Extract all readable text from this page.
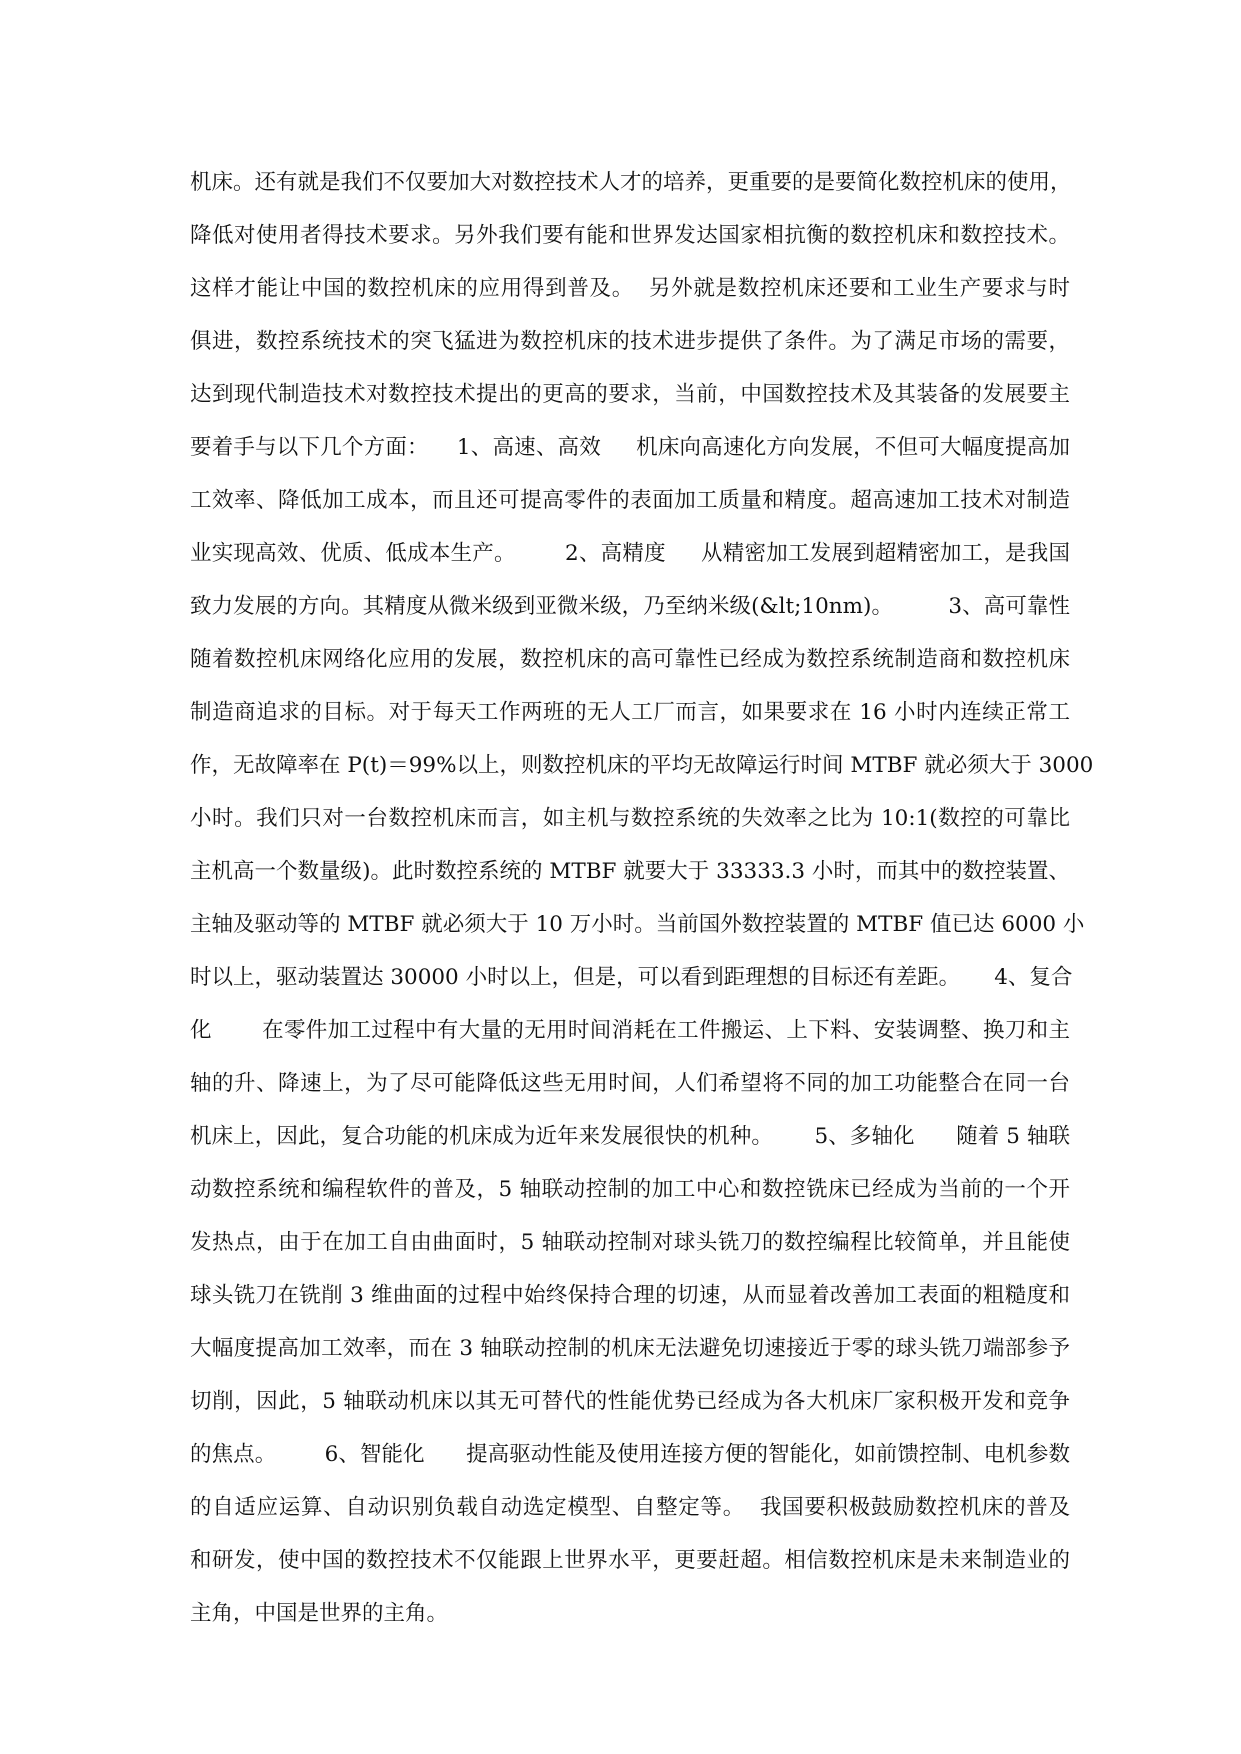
机床。还有就是我们不仅要加大对数控技术人才的培养，更重要的是要简化数控机床的使用，
降低对使用者得技术要求。另外我们要有能和世界发达国家相抗衡的数控机床和数控技术。
这样才能让中国的数控机床的应用得到普及。  另外就是数控机床还要和工业生产要求与时
俱进，数控系统技术的突飞猛进为数控机床的技术进步提供了条件。为了满足市场的需要，
达到现代制造技术对数控技术提出的更高的要求，当前，中国数控技术及其装备的发展要主
要着手与以下几个方面：    1、高速、高效     机床向高速化方向发展，不但可大幅度提高加
工效率、降低加工成本，而且还可提高零件的表面加工质量和精度。超高速加工技术对制造
业实现高效、优质、低成本生产。       2、高精度     从精密加工发展到超精密加工，是我国
致力发展的方向。其精度从微米级到亚微米级，乃至纳米级(&lt;10nm)。        3、高可靠性
随着数控机床网络化应用的发展，数控机床的高可靠性已经成为数控系统制造商和数控机床
制造商追求的目标。对于每天工作两班的无人工厂而言，如果要求在 16 小时内连续正常工
作，无故障率在 P(t)＝99%以上，则数控机床的平均无故障运行时间 MTBF 就必须大于 3000
小时。我们只对一台数控机床而言，如主机与数控系统的失效率之比为 10:1(数控的可靠比
主机高一个数量级)。此时数控系统的 MTBF 就要大于 33333.3 小时，而其中的数控装置、
主轴及驱动等的 MTBF 就必须大于 10 万小时。当前国外数控装置的 MTBF 值已达 6000 小
时以上，驱动装置达 30000 小时以上，但是，可以看到距理想的目标还有差距。     4、复合
化       在零件加工过程中有大量的无用时间消耗在工件搬运、上下料、安装调整、换刀和主
轴的升、降速上，为了尽可能降低这些无用时间，人们希望将不同的加工功能整合在同一台
机床上，因此，复合功能的机床成为近年来发展很快的机种。      5、多轴化      随着 5 轴联
动数控系统和编程软件的普及，5 轴联动控制的加工中心和数控铣床已经成为当前的一个开
发热点，由于在加工自由曲面时，5 轴联动控制对球头铣刀的数控编程比较简单，并且能使
球头铣刀在铣削 3 维曲面的过程中始终保持合理的切速，从而显着改善加工表面的粗糙度和
大幅度提高加工效率，而在 3 轴联动控制的机床无法避免切速接近于零的球头铣刀端部参予
切削，因此，5 轴联动机床以其无可替代的性能优势已经成为各大机床厂家积极开发和竞争
的焦点。       6、智能化      提高驱动性能及使用连接方便的智能化，如前馈控制、电机参数
的自适应运算、自动识别负载自动选定模型、自整定等。  我国要积极鼓励数控机床的普及
和研发，使中国的数控技术不仅能跟上世界水平，更要赶超。相信数控机床是未来制造业的
主角，中国是世界的主角。
